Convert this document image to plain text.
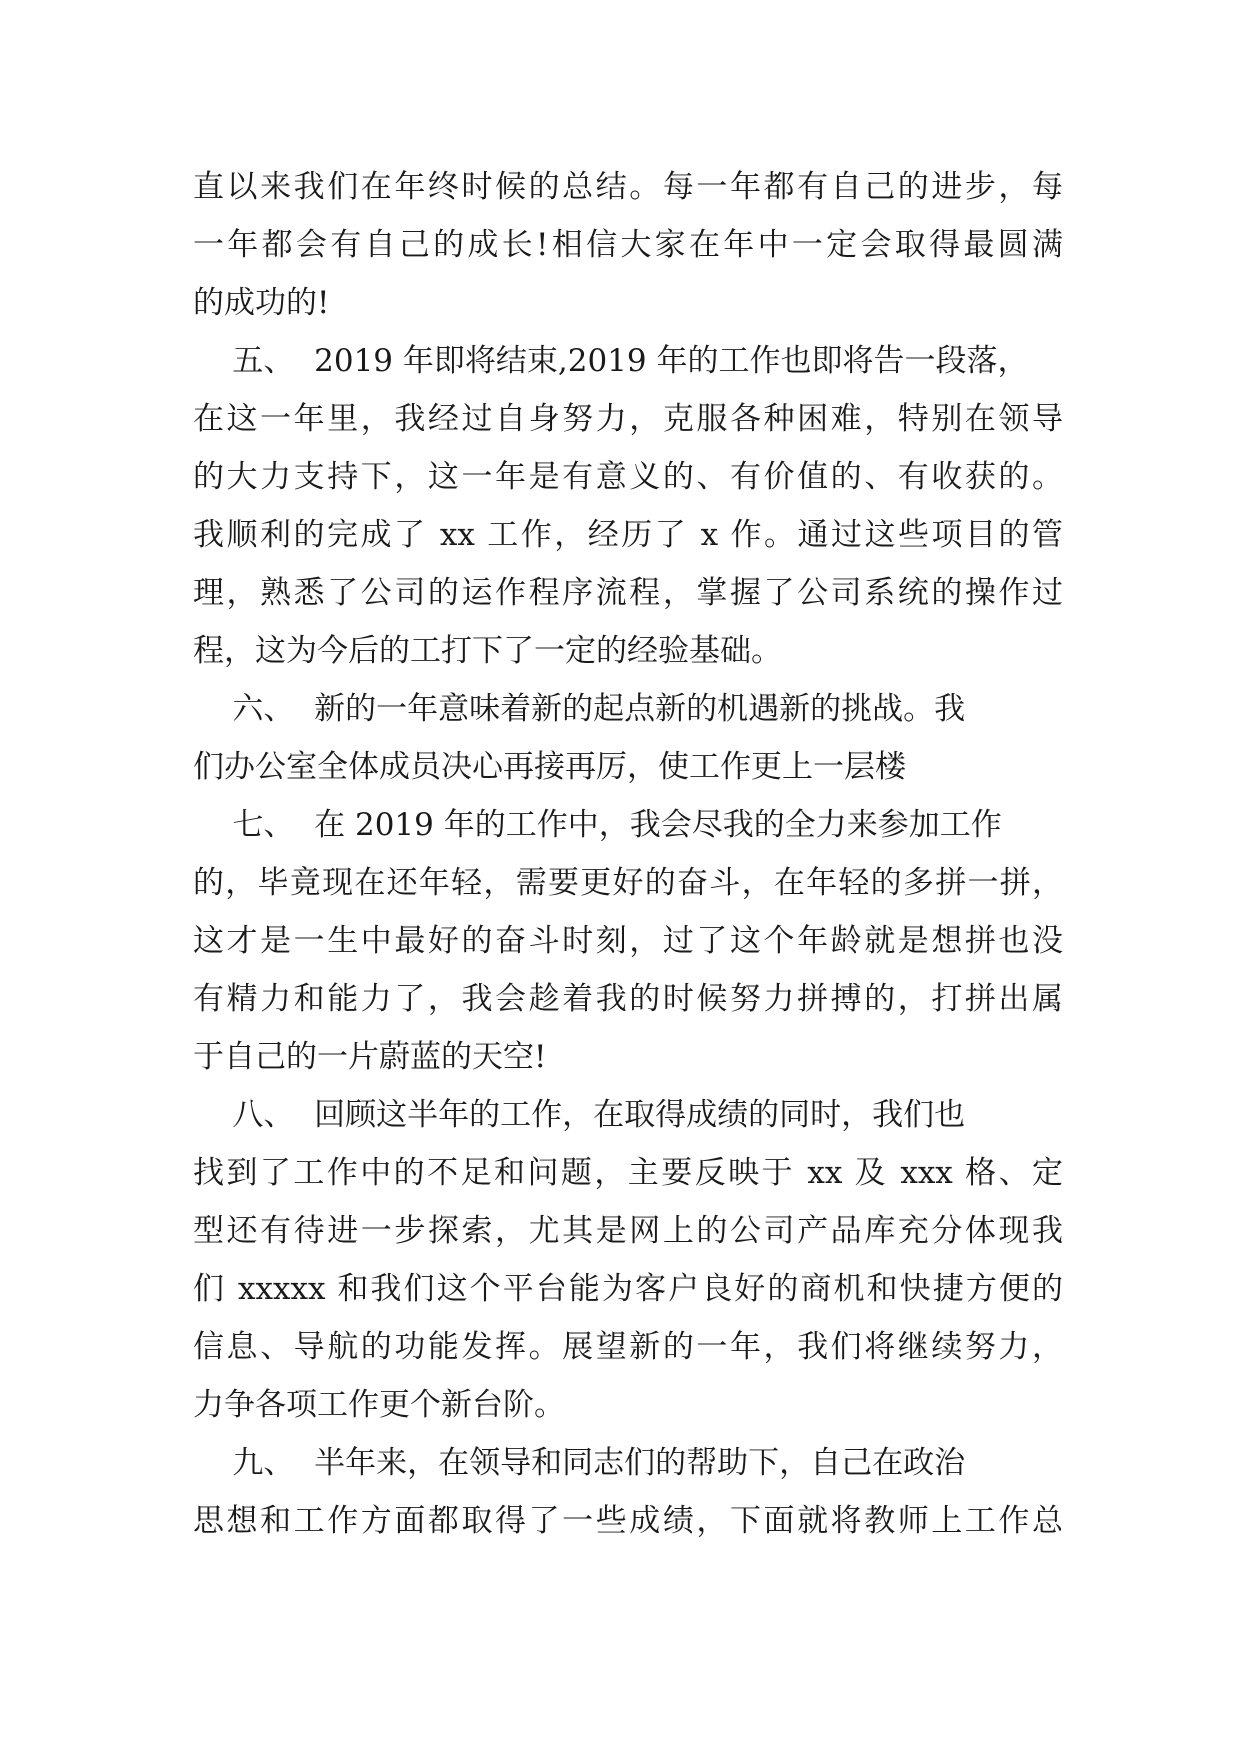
直以来我们在年终时候的总结。每一年都有自己的进步，每
一年都会有自己的成长!相信大家在年中一定会取得最圆满
的成功的!
五、  2019 年即将结束,2019 年的工作也即将告一段落，
在这一年里，我经过自身努力，克服各种困难，特别在领导
的大力支持下，这一年是有意义的、有价值的、有收获的。
我顺利的完成了 xx 工作，经历了 x 作。通过这些项目的管
理，熟悉了公司的运作程序流程，掌握了公司系统的操作过
程，这为今后的工打下了一定的经验基础。
六、  新的一年意味着新的起点新的机遇新的挑战。我
们办公室全体成员决心再接再厉，使工作更上一层楼
七、  在 2019 年的工作中，我会尽我的全力来参加工作
的，毕竟现在还年轻，需要更好的奋斗，在年轻的多拼一拼，
这才是一生中最好的奋斗时刻，过了这个年龄就是想拼也没
有精力和能力了，我会趁着我的时候努力拼搏的，打拼出属
于自己的一片蔚蓝的天空!
八、  回顾这半年的工作，在取得成绩的同时，我们也
找到了工作中的不足和问题，主要反映于 xx 及 xxx 格、定
型还有待进一步探索，尤其是网上的公司产品库充分体现我
们 xxxxx 和我们这个平台能为客户良好的商机和快捷方便的
信息、导航的功能发挥。展望新的一年，我们将继续努力，
力争各项工作更个新台阶。
九、  半年来，在领导和同志们的帮助下，自己在政治
思想和工作方面都取得了一些成绩，下面就将教师上工作总
